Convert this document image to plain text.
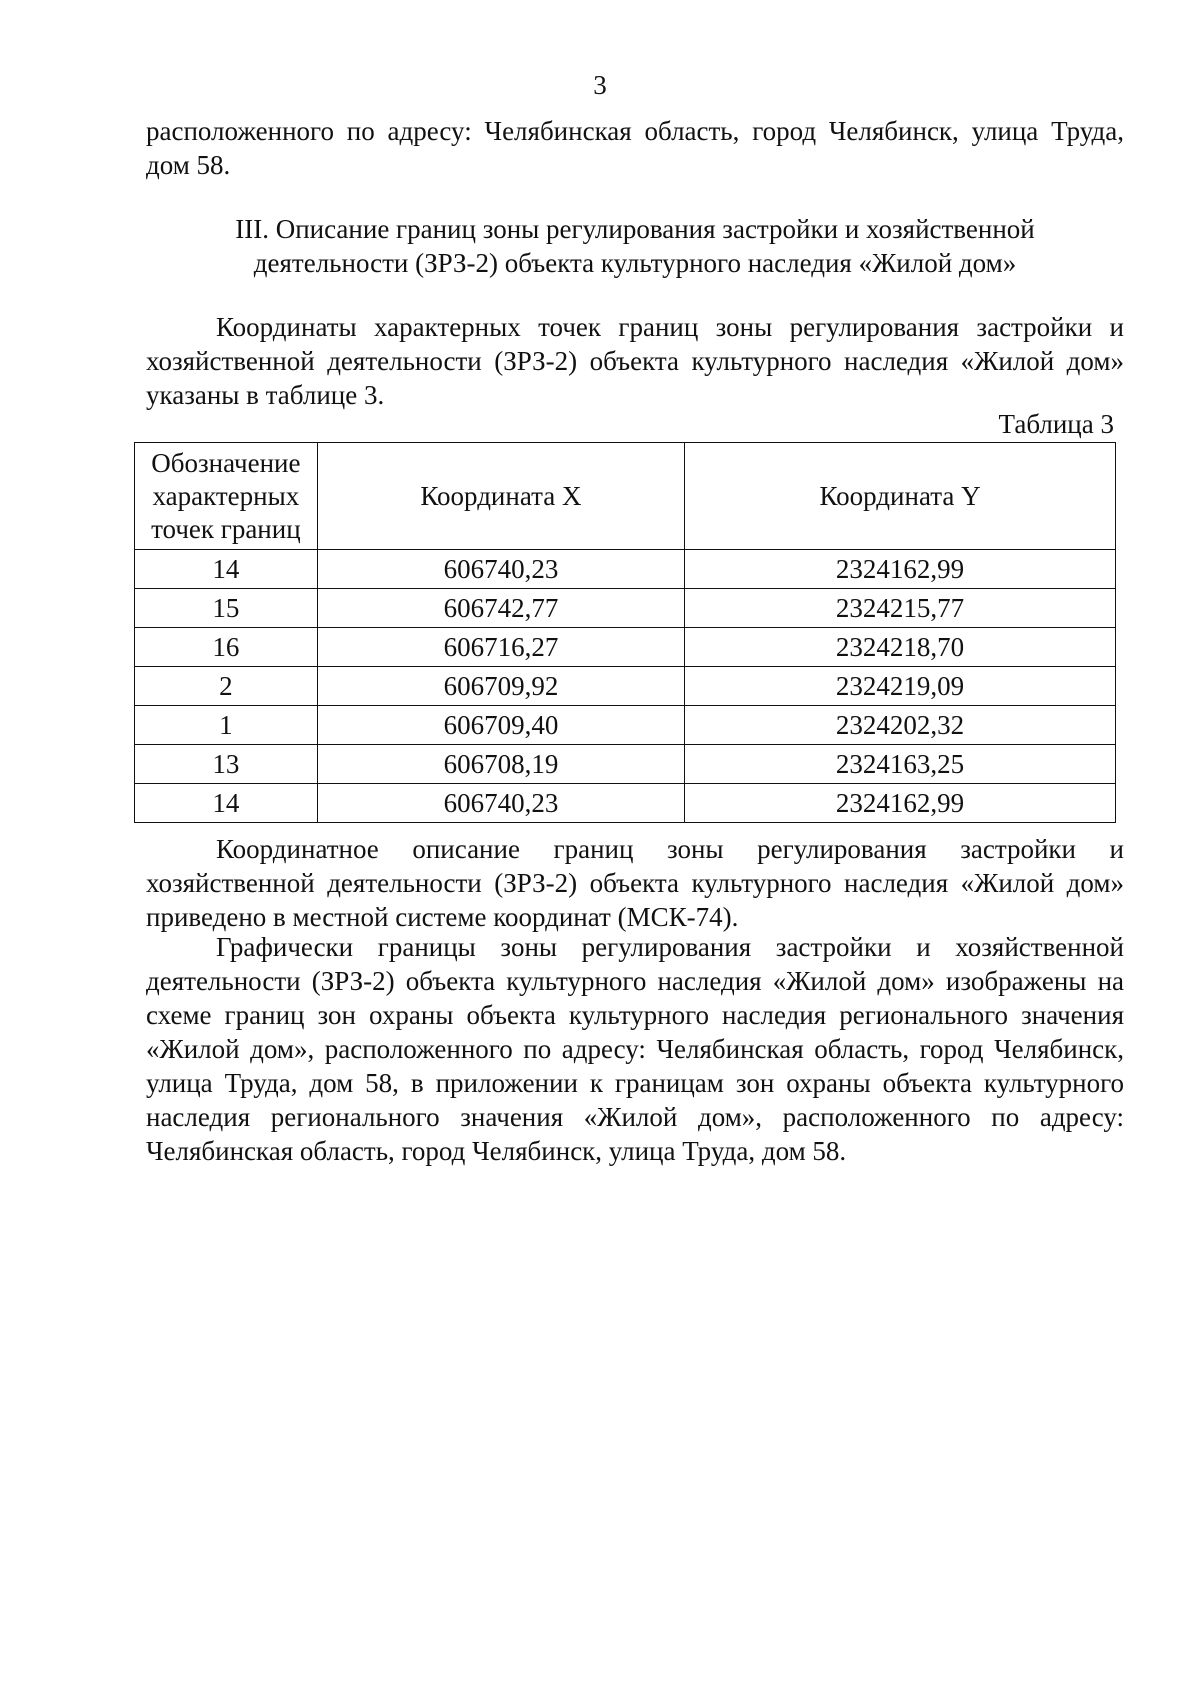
3
расположенного по адресу: Челябинская область, город Челябинск, улица Труда, дом 58.
III. Описание границ зоны регулирования застройки и хозяйственной
деятельности (ЗРЗ-2) объекта культурного наследия «Жилой дом»
Координаты характерных точек границ зоны регулирования застройки и хозяйственной деятельности (ЗРЗ-2) объекта культурного наследия «Жилой дом» указаны в таблице 3.
Таблица 3
Обозначение характерных точек границ	Координата X	Координата Y
14	606740,23	2324162,99
15	606742,77	2324215,77
16	606716,27	2324218,70
2	606709,92	2324219,09
1	606709,40	2324202,32
13	606708,19	2324163,25
14	606740,23	2324162,99
Координатное описание границ зоны регулирования застройки и хозяйственной деятельности (ЗРЗ-2) объекта культурного наследия «Жилой дом» приведено в местной системе координат (МСК-74).
Графически границы зоны регулирования застройки и хозяйственной деятельности (ЗРЗ-2) объекта культурного наследия «Жилой дом» изображены на схеме границ зон охраны объекта культурного наследия регионального значения «Жилой дом», расположенного по адресу: Челябинская область, город Челябинск, улица Труда, дом 58, в приложении к границам зон охраны объекта культурного наследия регионального значения «Жилой дом», расположенного по адресу: Челябинская область, город Челябинск, улица Труда, дом 58.
